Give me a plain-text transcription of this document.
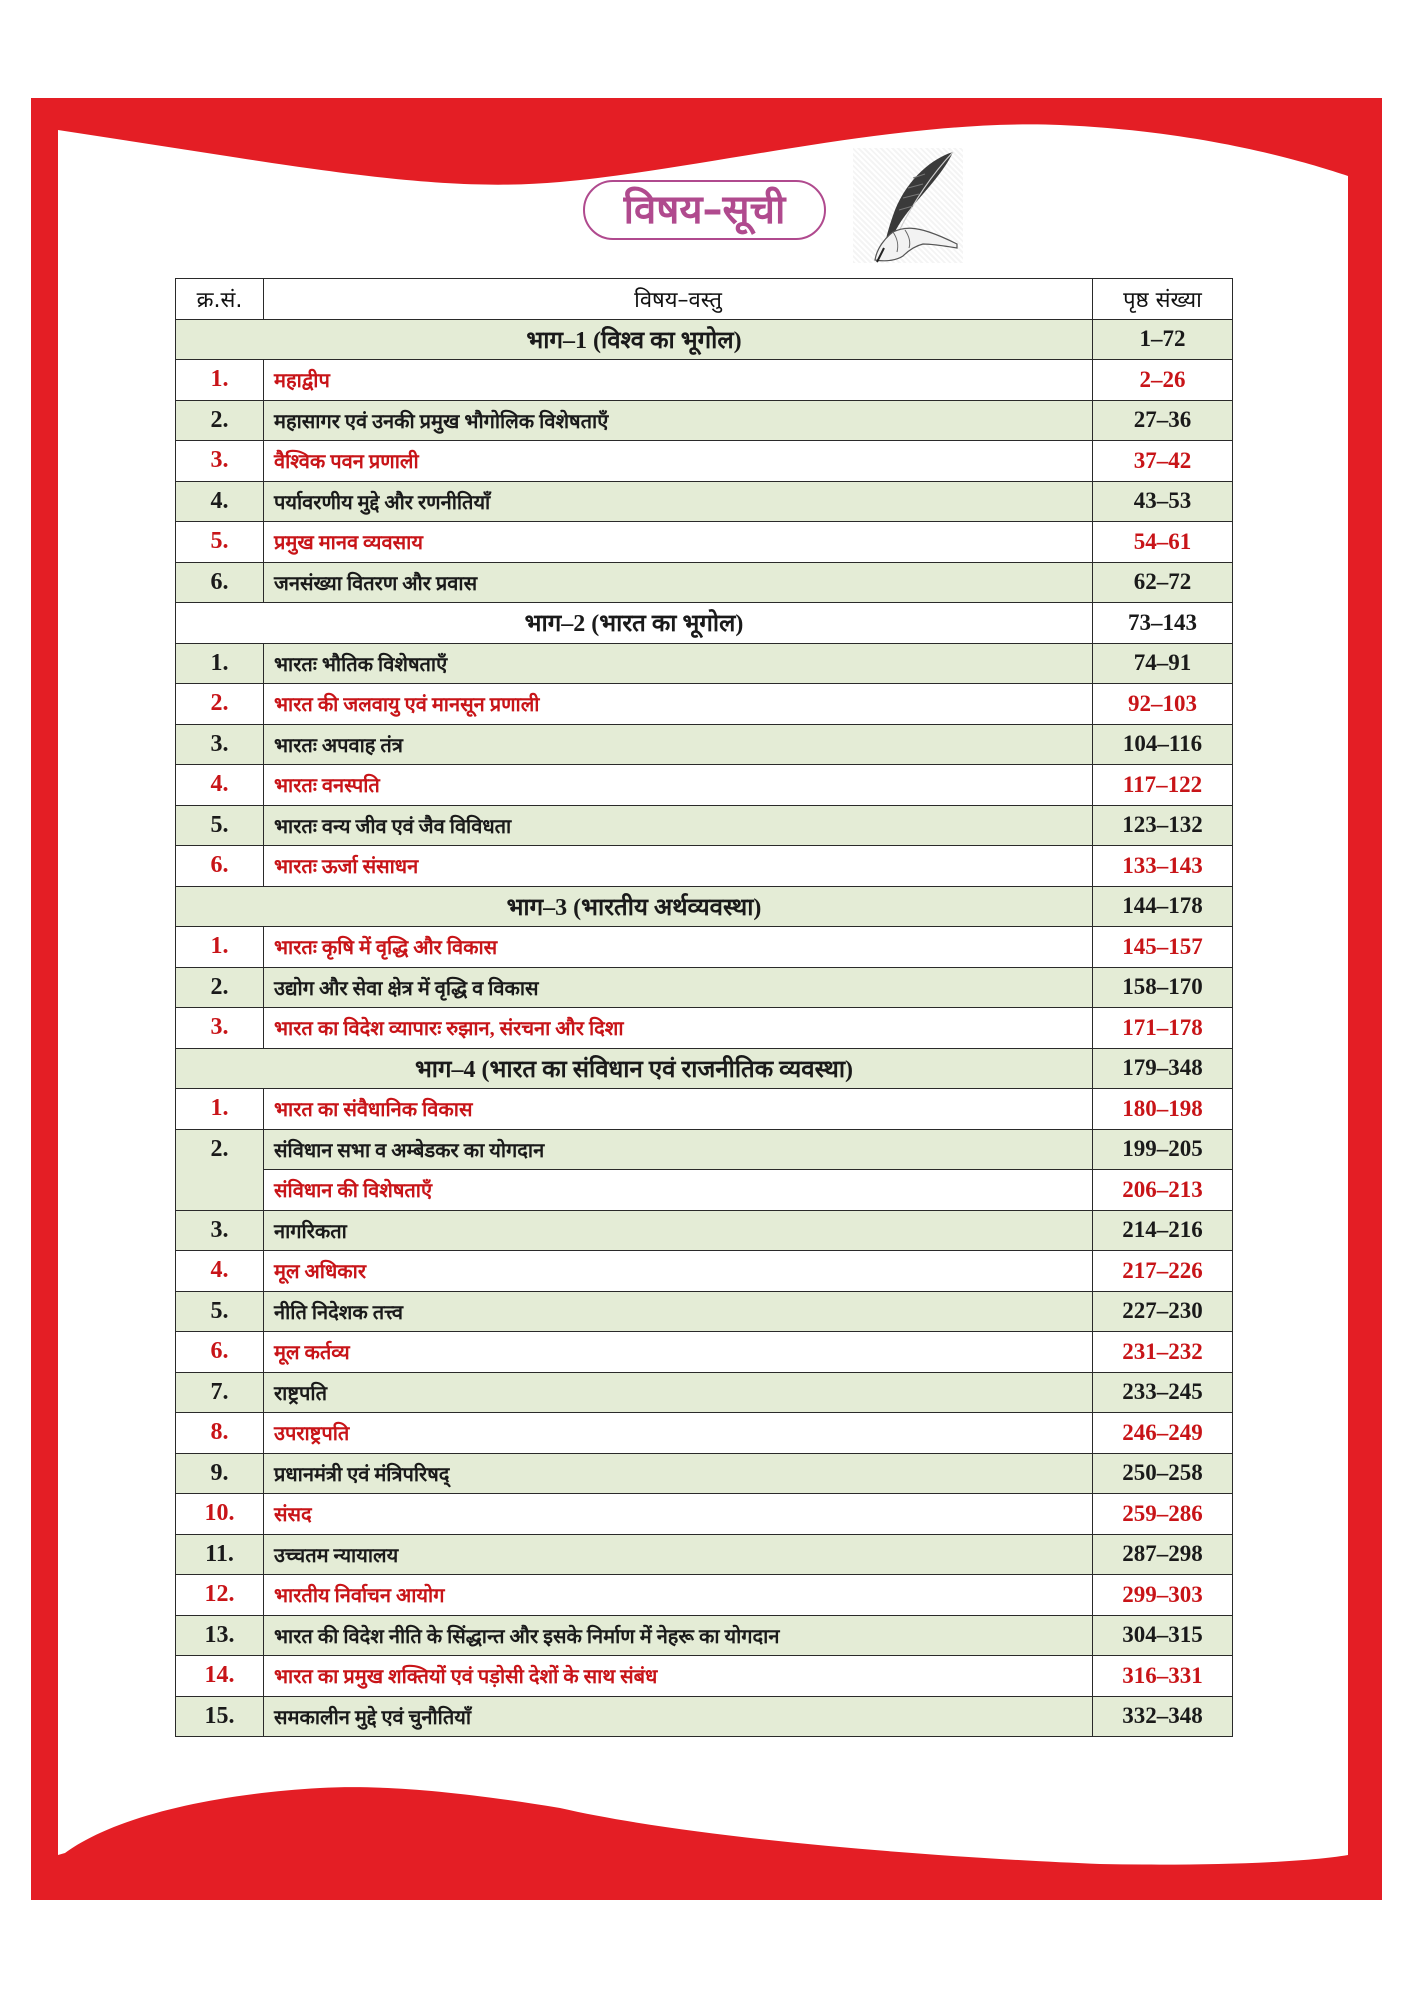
विषय–सूची
क्र.सं.	विषय–वस्तु	पृष्ठ संख्या
भाग–1 (विश्व का भूगोल)		1–72
1.	महाद्वीप	2–26
2.	महासागर एवं उनकी प्रमुख भौगोलिक विशेषताएँ	27–36
3.	वैश्विक पवन प्रणाली	37–42
4.	पर्यावरणीय मुद्दे और रणनीतियाँ	43–53
5.	प्रमुख मानव व्यवसाय	54–61
6.	जनसंख्या वितरण और प्रवास	62–72
भाग–2 (भारत का भूगोल)		73–143
1.	भारतः भौतिक विशेषताएँ	74–91
2.	भारत की जलवायु एवं मानसून प्रणाली	92–103
3.	भारतः अपवाह तंत्र	104–116
4.	भारतः वनस्पति	117–122
5.	भारतः वन्य जीव एवं जैव विविधता	123–132
6.	भारतः ऊर्जा संसाधन	133–143
भाग–3 (भारतीय अर्थव्यवस्था)		144–178
1.	भारतः कृषि में वृद्धि और विकास	145–157
2.	उद्योग और सेवा क्षेत्र में वृद्धि व विकास	158–170
3.	भारत का विदेश व्यापारः रुझान, संरचना और दिशा	171–178
भाग–4 (भारत का संविधान एवं राजनीतिक व्यवस्था)		179–348
1.	भारत का संवैधानिक विकास	180–198
2.	संविधान सभा व अम्बेडकर का योगदान	199–205
	संविधान की विशेषताएँ	206–213
3.	नागरिकता	214–216
4.	मूल अधिकार	217–226
5.	नीति निदेशक तत्त्व	227–230
6.	मूल कर्तव्य	231–232
7.	राष्ट्रपति	233–245
8.	उपराष्ट्रपति	246–249
9.	प्रधानमंत्री एवं मंत्रिपरिषद्	250–258
10.	संसद	259–286
11.	उच्चतम न्यायालय	287–298
12.	भारतीय निर्वाचन आयोग	299–303
13.	भारत की विदेश नीति के सिंद्धान्त और इसके निर्माण में नेहरू का योगदान	304–315
14.	भारत का प्रमुख शक्तियों एवं पड़ोसी देशों के साथ संबंध	316–331
15.	समकालीन मुद्दे एवं चुनौतियाँ	332–348
